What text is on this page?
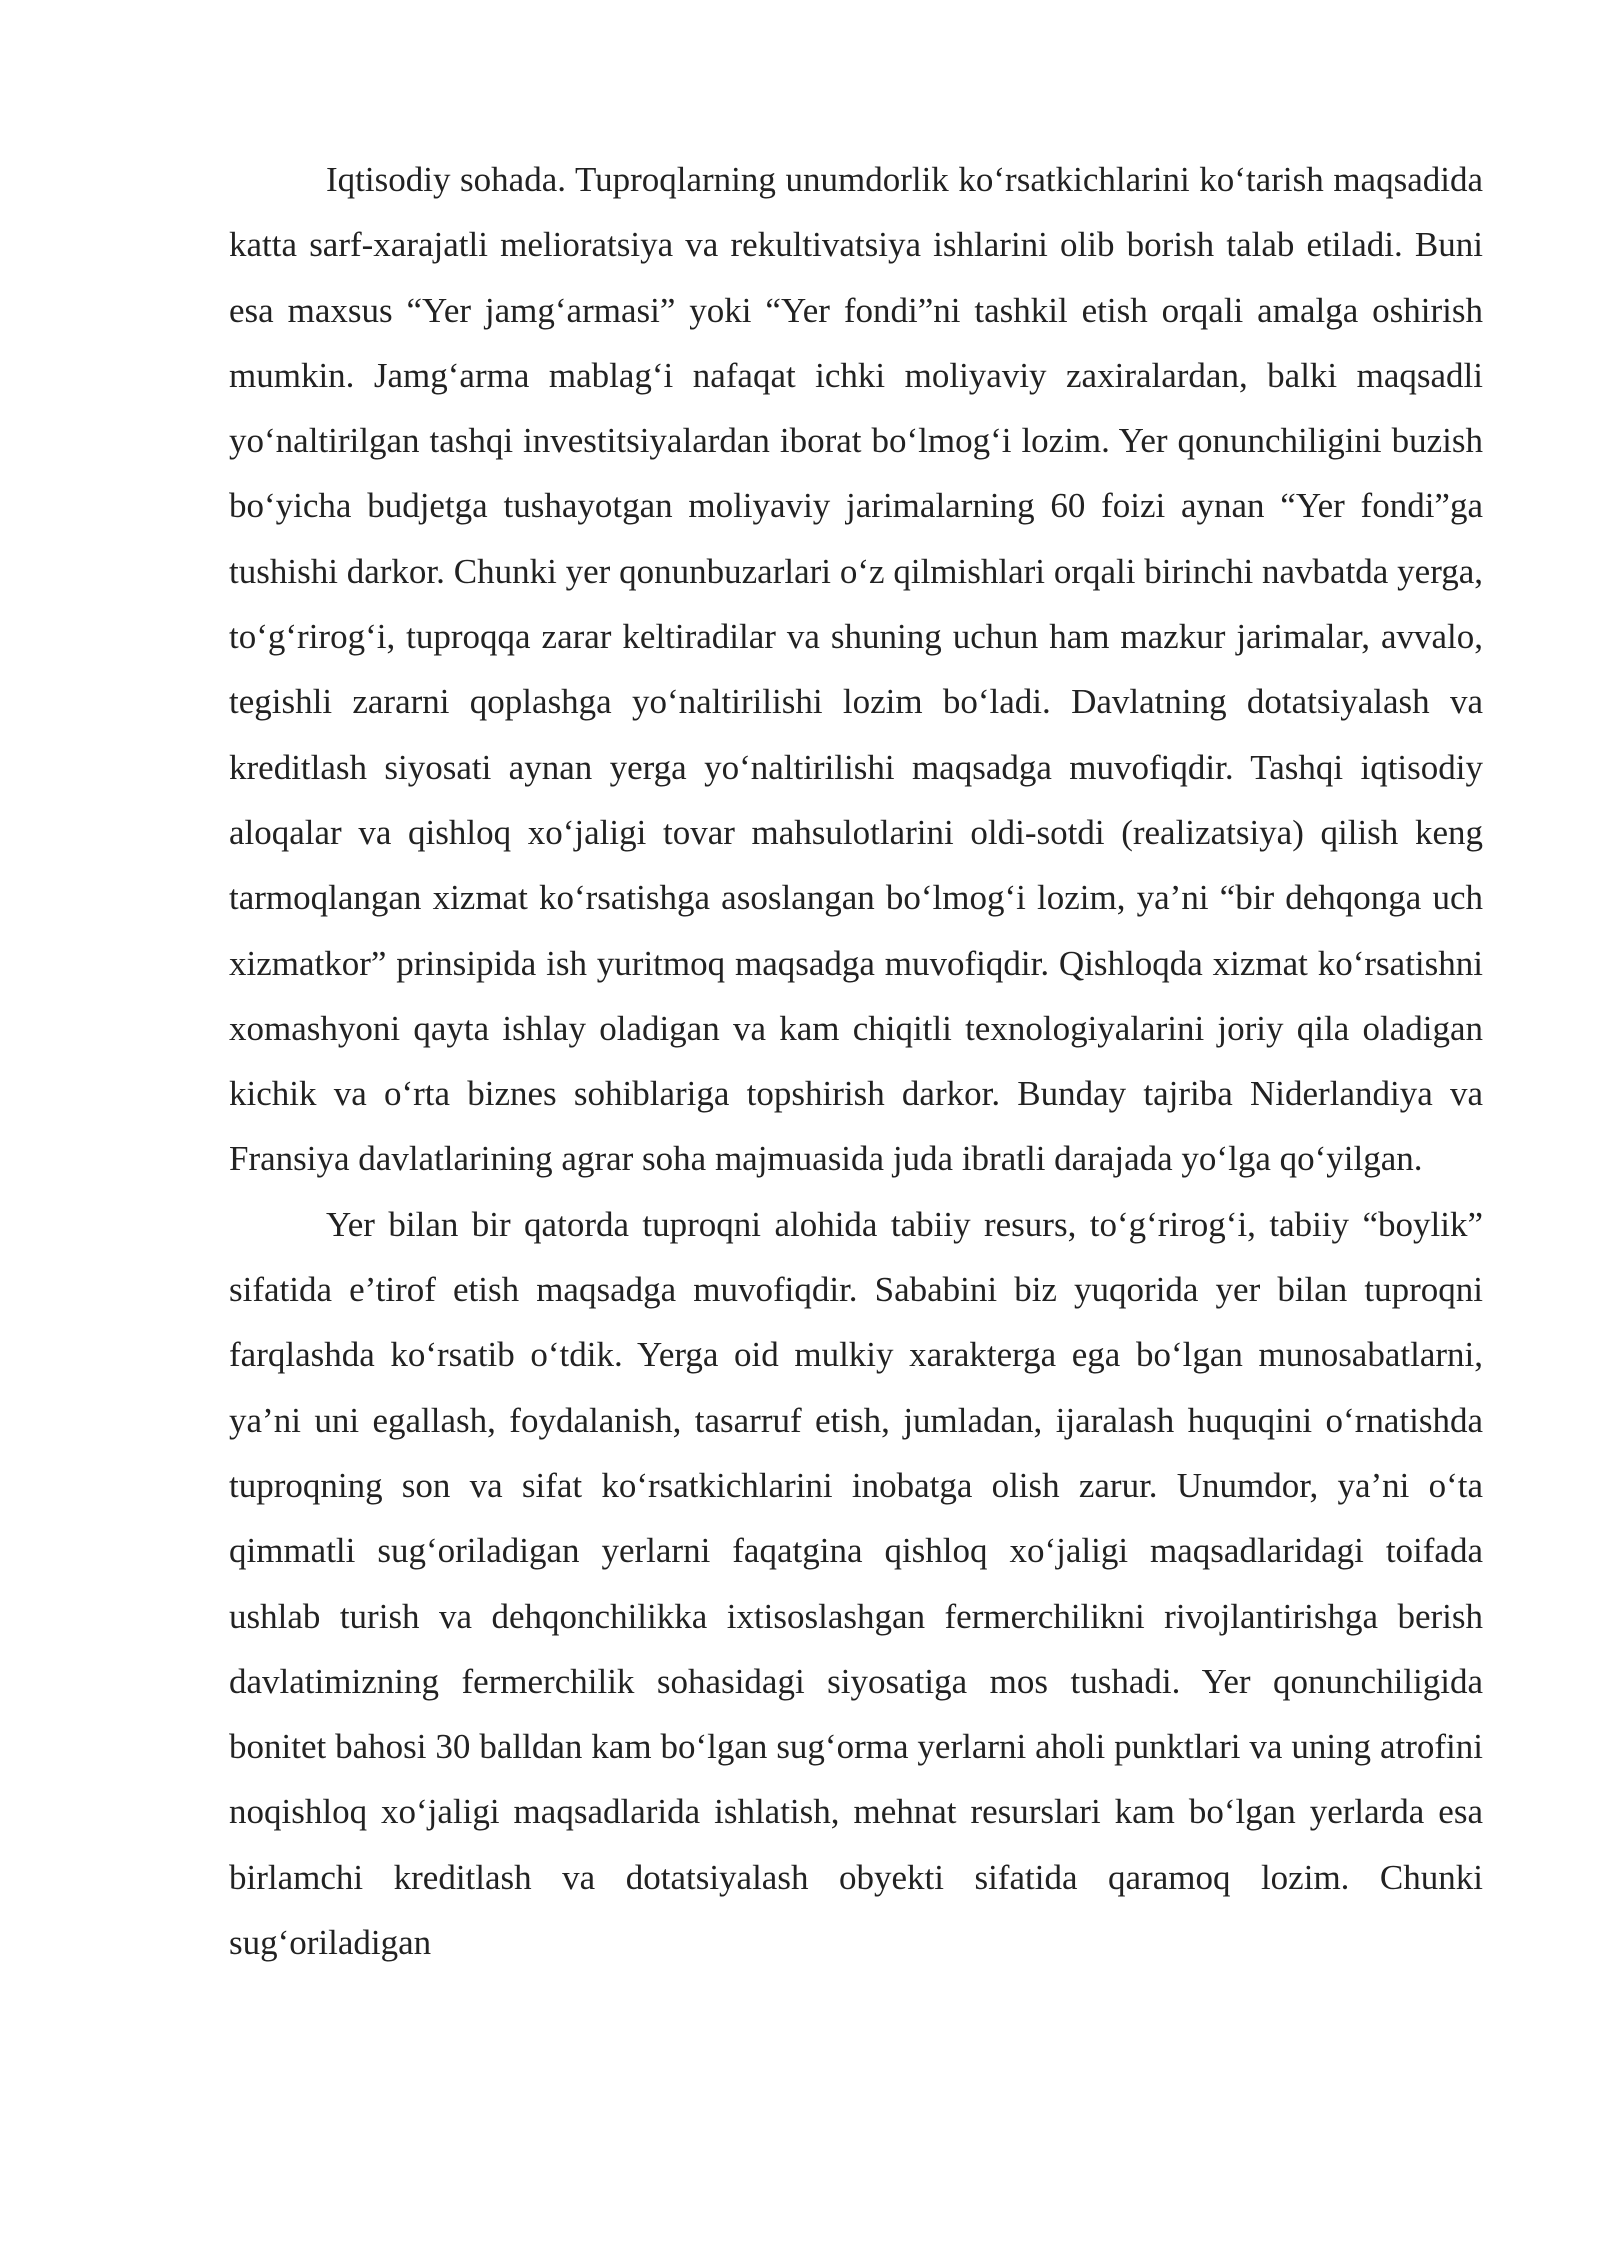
Iqtisodiy sohada. Tuproqlarning unumdorlik ko‘rsatkichlarini ko‘tarish maqsadida katta sarf-xarajatli melioratsiya va rekultivatsiya ishlarini olib borish talab etiladi. Buni esa maxsus “Yer jamg‘armasi” yoki “Yer fondi”ni tashkil etish orqali amalga oshirish mumkin. Jamg‘arma mablag‘i nafaqat ichki moliyaviy zaxiralardan, balki maqsadli yo‘naltirilgan tashqi investitsiyalardan iborat bo‘lmog‘i lozim. Yer qonunchiligini buzish bo‘yicha budjetga tushayotgan moliyaviy jarimalarning 60 foizi aynan “Yer fondi”ga tushishi darkor. Chunki yer qonunbuzarlari o‘z qilmishlari orqali birinchi navbatda yerga, to‘g‘rirog‘i, tuproqqa zarar keltiradilar va shuning uchun ham mazkur jarimalar, avvalo, tegishli zararni qoplashga yo‘naltirilishi lozim bo‘ladi. Davlatning dotatsiyalash va kreditlash siyosati aynan yerga yo‘naltirilishi maqsadga muvofiqdir. Tashqi iqtisodiy aloqalar va qishloq xo‘jaligi tovar mahsulotlarini oldi-sotdi (realizatsiya) qilish keng tarmoqlangan xizmat ko‘rsatishga asoslangan bo‘lmog‘i lozim, ya’ni “bir dehqonga uch xizmatkor” prinsipida ish yuritmoq maqsadga muvofiqdir. Qishloqda xizmat ko‘rsatishni xomashyoni qayta ishlay oladigan va kam chiqitli texnologiyalarini joriy qila oladigan kichik va o‘rta biznes sohiblariga topshirish darkor. Bunday tajriba Niderlandiya va Fransiya davlatlarining agrar soha majmuasida juda ibratli darajada yo‘lga qo‘yilgan.

Yer bilan bir qatorda tuproqni alohida tabiiy resurs, to‘g‘rirog‘i, tabiiy “boylik” sifatida e’tirof etish maqsadga muvofiqdir. Sababini biz yuqorida yer bilan tuproqni farqlashda ko‘rsatib o‘tdik. Yerga oid mulkiy xarakterga ega bo‘lgan munosabatlarni, ya’ni uni egallash, foydalanish, tasarruf etish, jumladan, ijaralash huquqini o‘rnatishda tuproqning son va sifat ko‘rsatkichlarini inobatga olish zarur. Unumdor, ya’ni o‘ta qimmatli sug‘oriladigan yerlarni faqatgina qishloq xo‘jaligi maqsadlaridagi toifada ushlab turish va dehqonchilikka ixtisoslashgan fermerchilikni rivojlantirishga berish davlatimizning fermerchilik sohasidagi siyosatiga mos tushadi. Yer qonunchiligida bonitet bahosi 30 balldan kam bo‘lgan sug‘orma yerlarni aholi punktlari va uning atrofini noqishloq xo‘jaligi maqsadlarida ishlatish, mehnat resurslari kam bo‘lgan yerlarda esa birlamchi kreditlash va dotatsiyalash obyekti sifatida qaramoq lozim. Chunki sug‘oriladigan
